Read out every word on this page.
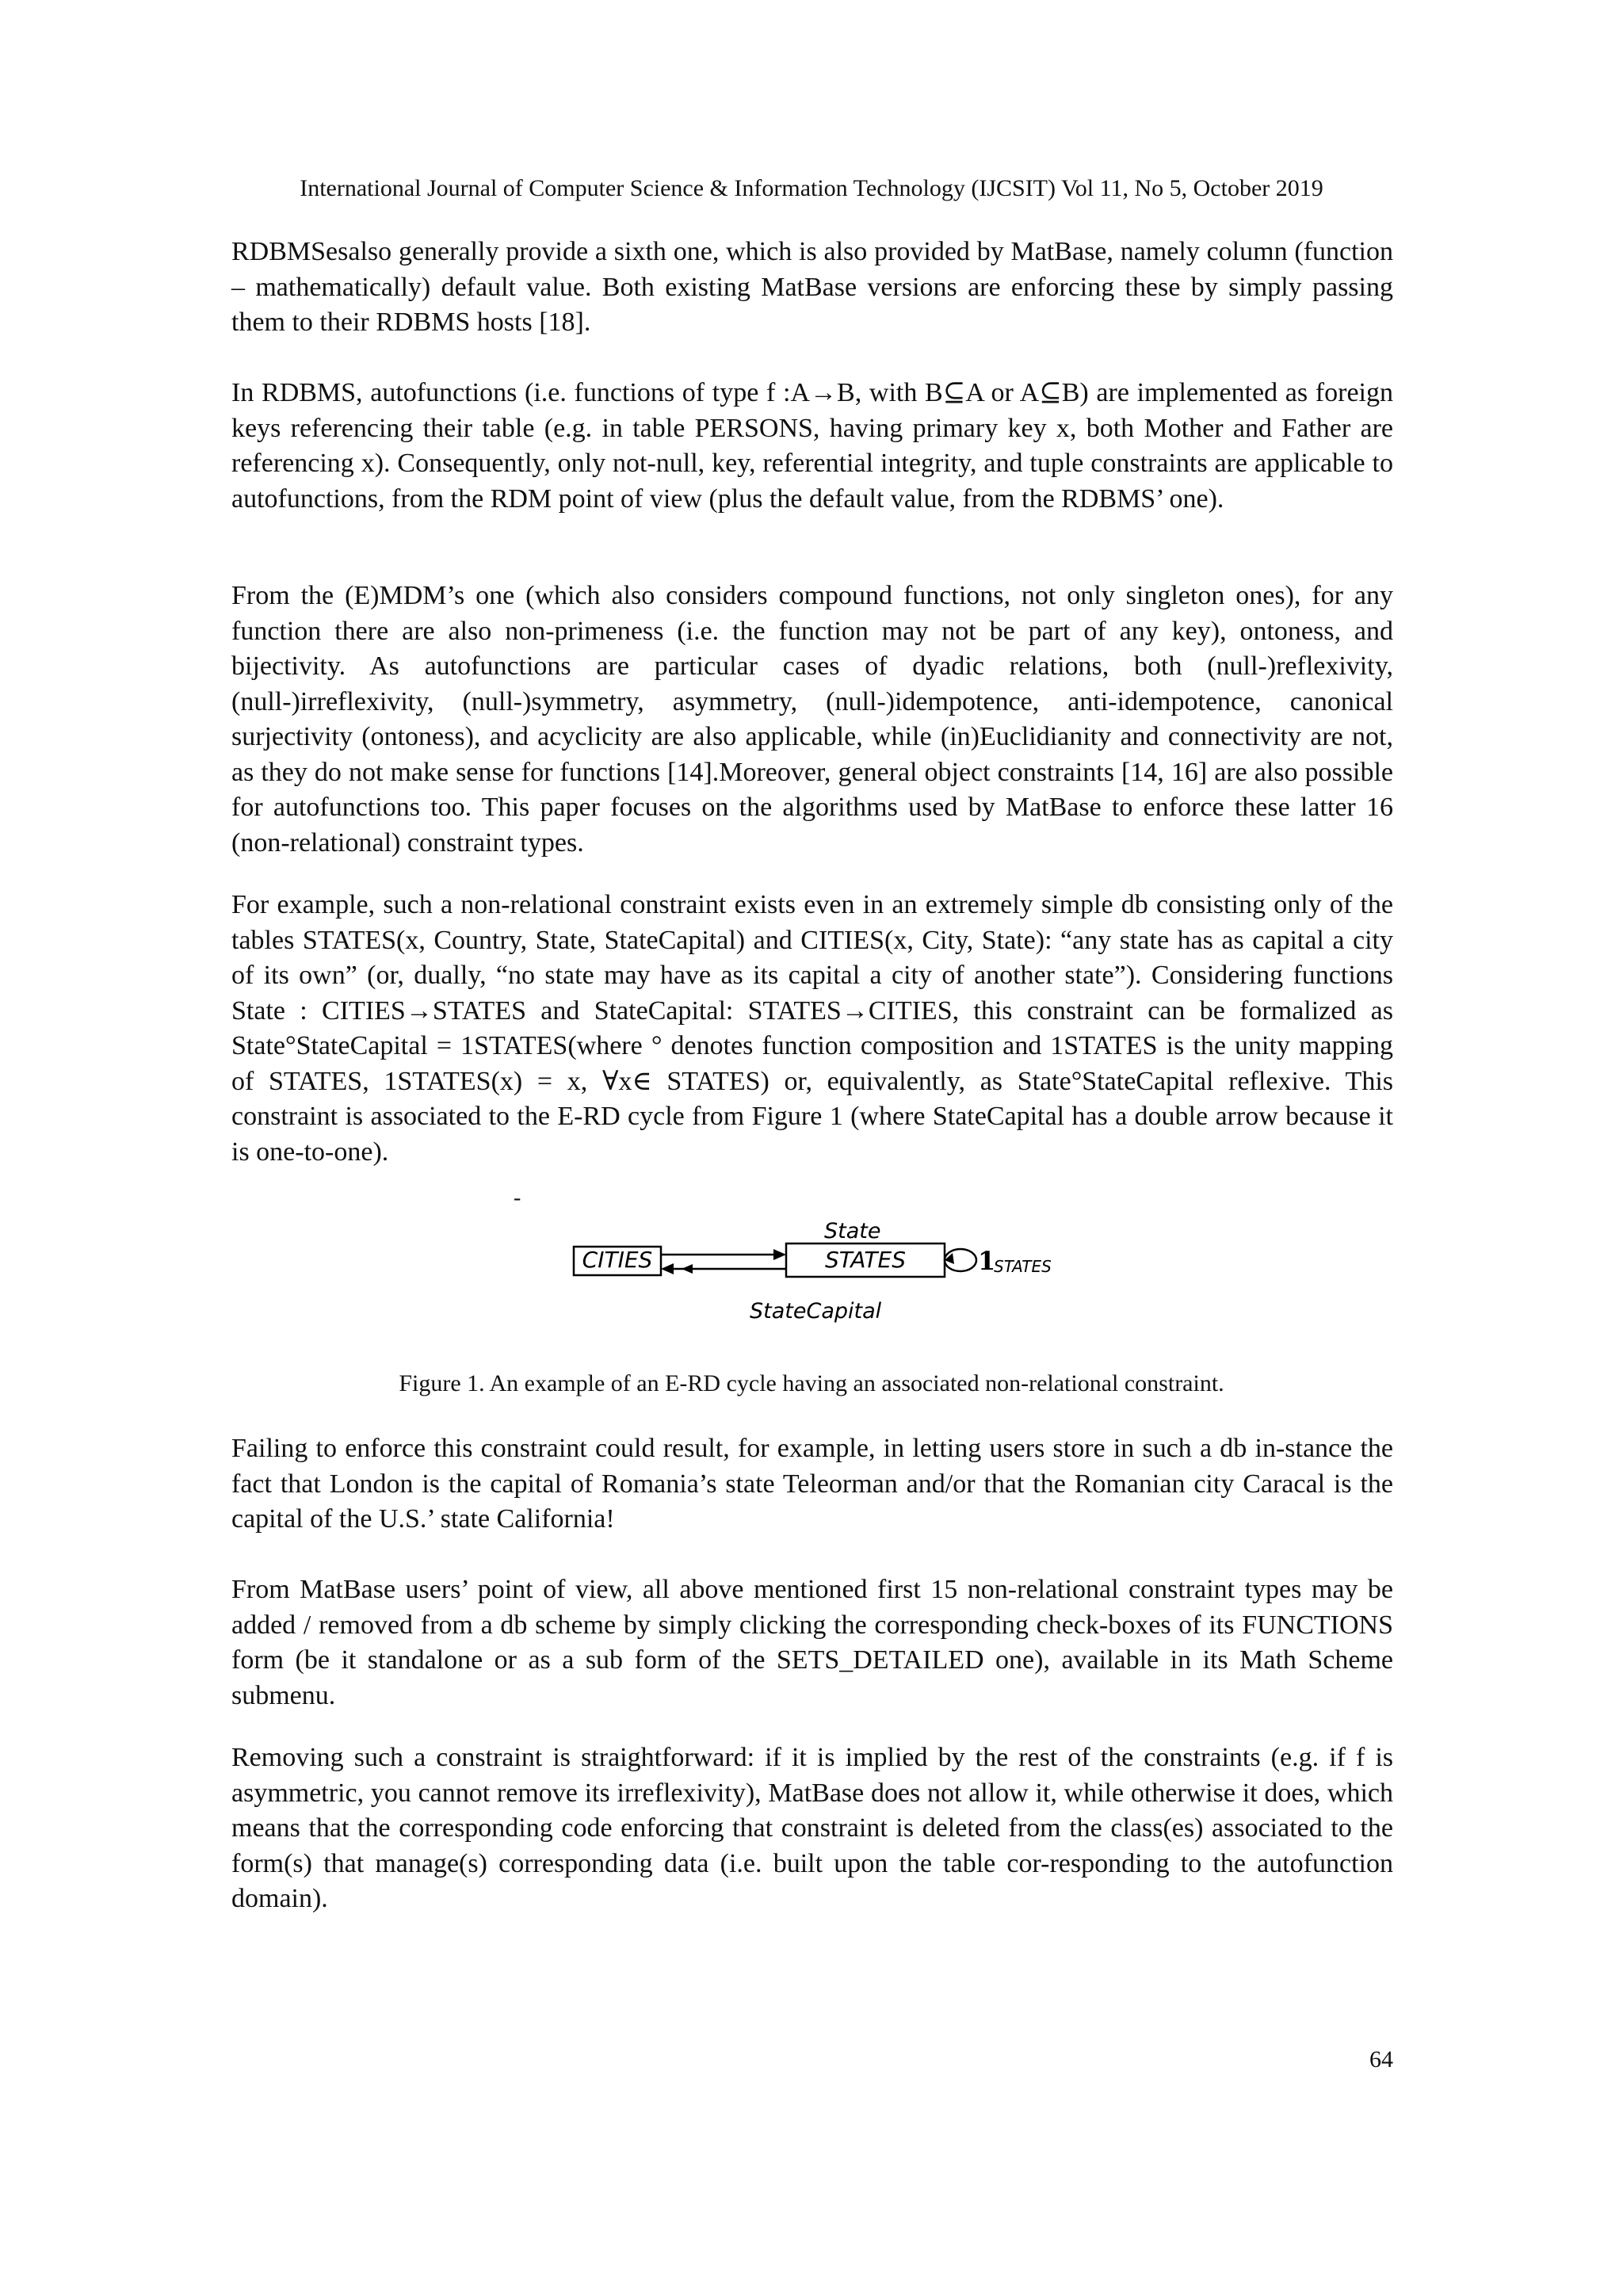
International Journal of Computer Science & Information Technology (IJCSIT) Vol 11, No 5, October 2019

RDBMSesalso generally provide a sixth one, which is also provided by MatBase, namely column (function – mathematically) default value. Both existing MatBase versions are enforcing these by simply passing them to their RDBMS hosts [18].

In RDBMS, autofunctions (i.e. functions of type f :A→B, with B⊆A or A⊆B) are implemented as foreign keys referencing their table (e.g. in table PERSONS, having primary key x, both Mother and Father are referencing x). Consequently, only not-null, key, referential integrity, and tuple constraints are applicable to autofunctions, from the RDM point of view (plus the default value, from the RDBMS’ one).

From the (E)MDM’s one (which also considers compound functions, not only singleton ones), for any function there are also non-primeness (i.e. the function may not be part of any key), ontoness, and bijectivity. As autofunctions are particular cases of dyadic relations, both (null-)reflexivity, (null-)irreflexivity, (null-)symmetry, asymmetry, (null-)idempotence, anti-idempotence, canonical surjectivity (ontoness), and acyclicity are also applicable, while (in)Euclidianity and connectivity are not, as they do not make sense for functions [14].Moreover, general object constraints [14, 16] are also possible for autofunctions too. This paper focuses on the algorithms used by MatBase to enforce these latter 16 (non-relational) constraint types.

For example, such a non-relational constraint exists even in an extremely simple db consisting only of the tables STATES(x, Country, State, StateCapital) and CITIES(x, City, State): “any state has as capital a city of its own” (or, dually, “no state may have as its capital a city of another state”). Considering functions State : CITIES→STATES and StateCapital: STATES→CITIES, this constraint can be formalized as State°StateCapital = 1STATES(where ° denotes function composition and 1STATES is the unity mapping of STATES, 1STATES(x) = x, ∀x∈ STATES) or, equivalently, as State°StateCapital reflexive. This constraint is associated to the E-RD cycle from Figure 1 (where StateCapital has a double arrow because it is one-to-one).

-
CITIES	STATES
State
StateCapital
1
STATES
Figure 1. An example of an E-RD cycle having an associated non-relational constraint.

Failing to enforce this constraint could result, for example, in letting users store in such a db in-stance the fact that London is the capital of Romania’s state Teleorman and/or that the Romanian city Caracal is the capital of the U.S.’ state California!

From MatBase users’ point of view, all above mentioned first 15 non-relational constraint types may be added / removed from a db scheme by simply clicking the corresponding check-boxes of its FUNCTIONS form (be it standalone or as a sub form of the SETS_DETAILED one), available in its Math Scheme submenu.

Removing such a constraint is straightforward: if it is implied by the rest of the constraints (e.g. if f is asymmetric, you cannot remove its irreflexivity), MatBase does not allow it, while otherwise it does, which means that the corresponding code enforcing that constraint is deleted from the class(es) associated to the form(s) that manage(s) corresponding data (i.e. built upon the table cor-responding to the autofunction domain).

64
